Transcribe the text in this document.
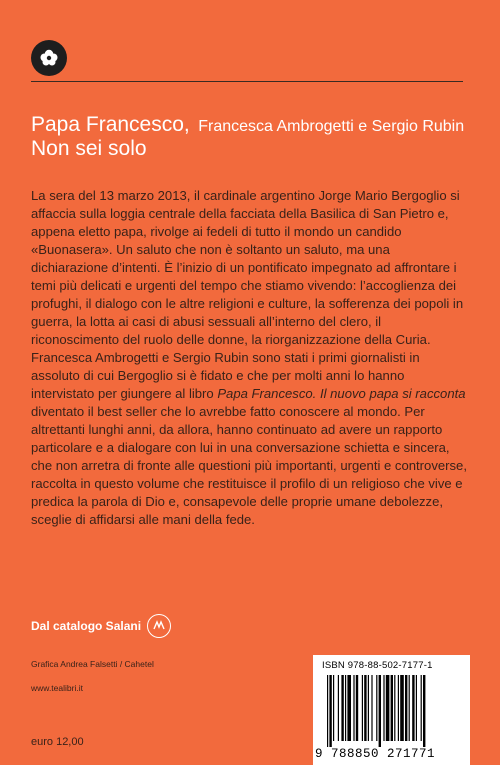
Papa Francesco, Francesca Ambrogetti e Sergio Rubin
Non sei solo

La sera del 13 marzo 2013, il cardinale argentino Jorge Mario Bergoglio si affaccia sulla loggia centrale della facciata della Basilica di San Pietro e, appena eletto papa, rivolge ai fedeli di tutto il mondo un candido «Buonasera». Un saluto che non è soltanto un saluto, ma una dichiarazione d’intenti. È l’inizio di un pontificato impegnato ad affrontare i temi più delicati e urgenti del tempo che stiamo vivendo: l’accoglienza dei profughi, il dialogo con le altre religioni e culture, la sofferenza dei popoli in guerra, la lotta ai casi di abusi sessuali all’interno del clero, il riconoscimento del ruolo delle donne, la riorganizzazione della Curia. Francesca Ambrogetti e Sergio Rubin sono stati i primi giornalisti in assoluto di cui Bergoglio si è fidato e che per molti anni lo hanno intervistato per giungere al libro Papa Francesco. Il nuovo papa si racconta diventato il best seller che lo avrebbe fatto conoscere al mondo. Per altrettanti lunghi anni, da allora, hanno continuato ad avere un rapporto particolare e a dialogare con lui in una conversazione schietta e sincera, che non arretra di fronte alle questioni più importanti, urgenti e controverse, raccolta in questo volume che restituisce il profilo di un religioso che vive e predica la parola di Dio e, consapevole delle proprie umane debolezze, sceglie di affidarsi alle mani della fede.

Dal catalogo Salani
Grafica Andrea Falsetti / Cahetel
www.tealibri.it
euro 12,00
ISBN 978-88-502-7177-1
9 788850 271771
